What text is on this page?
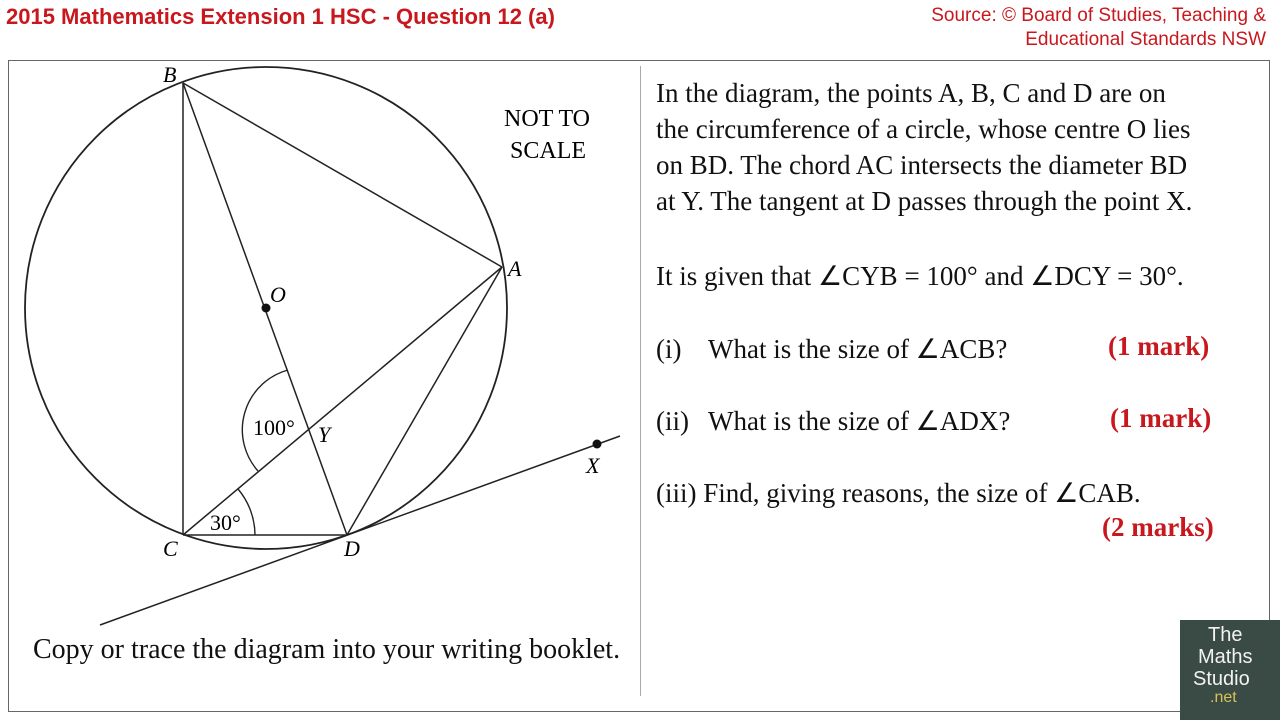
2015 Mathematics Extension 1 HSC - Question 12 (a)	Source: © Board of Studies, Teaching &
Educational Standards NSW
B
A
O
Y
C	D
X
100°
30°
NOT TO
SCALE
Copy or trace the diagram into your writing booklet.
In the diagram, the points A, B, C and D are on
the circumference of a circle, whose centre O lies
on BD. The chord AC intersects the diameter BD
at Y. The tangent at D passes through the point X.
It is given that ∠CYB = 100° and ∠DCY = 30°.
(i) What is the size of ∠ACB?	(1 mark)
(ii) What is the size of ∠ADX?	(1 mark)
(iii) Find, giving reasons, the size of ∠CAB.
(2 marks)
The
Maths
Studio
.net
